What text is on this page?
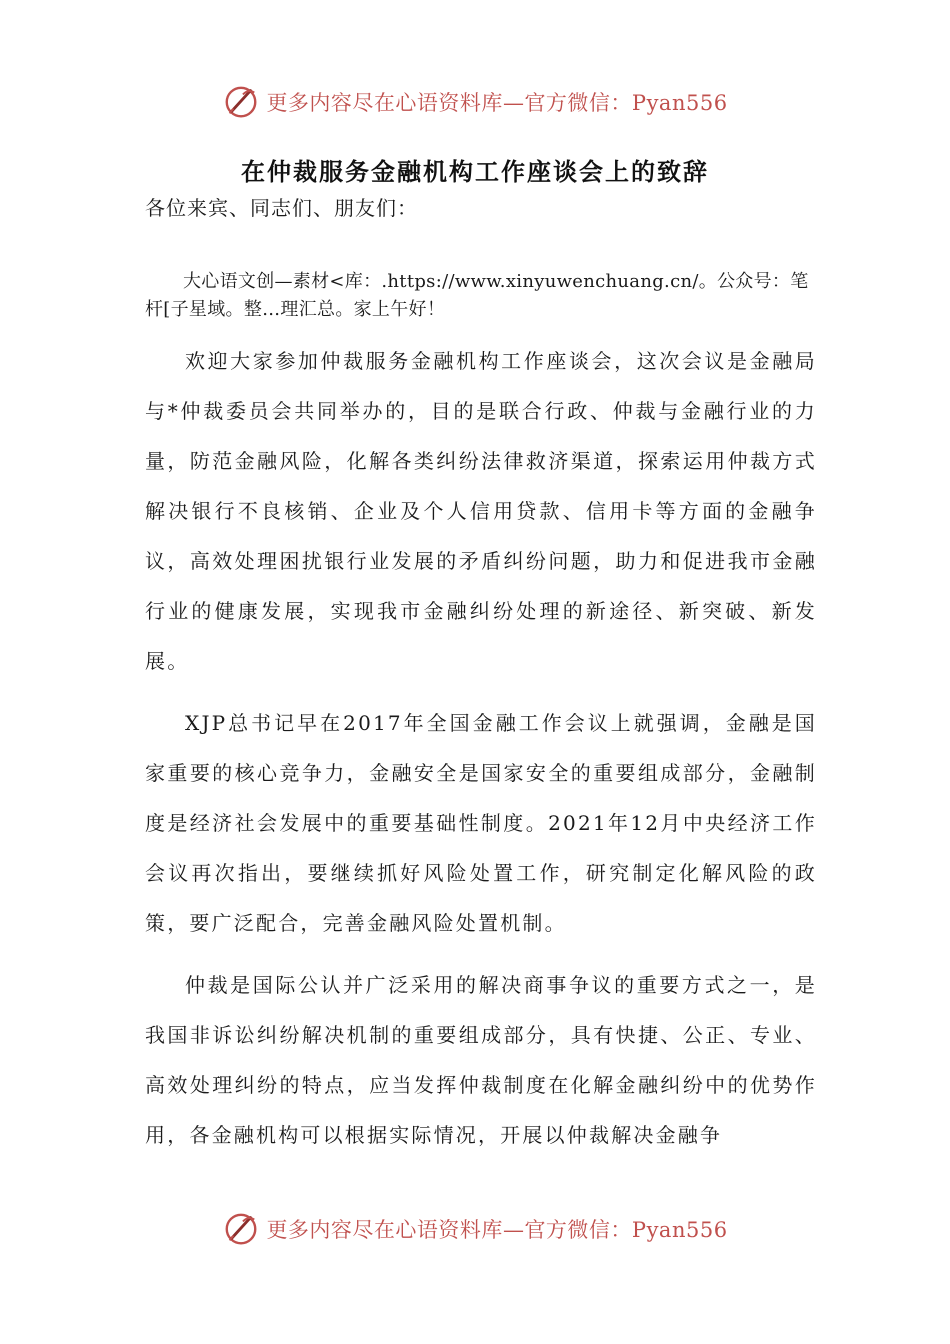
更多内容尽在心语资料库—官方微信：Pyan556
在仲裁服务金融机构工作座谈会上的致辞
各位来宾、同志们、朋友们：
大心语文创—素材<库：.https://www.xinyuwenchuang.cn/。公众号：笔杆[子星域。整…理汇总。家上午好！

欢迎大家参加仲裁服务金融机构工作座谈会，这次会议是金融局与*仲裁委员会共同举办的，目的是联合行政、仲裁与金融行业的力量，防范金融风险，化解各类纠纷法律救济渠道，探索运用仲裁方式解决银行不良核销、企业及个人信用贷款、信用卡等方面的金融争议，高效处理困扰银行业发展的矛盾纠纷问题，助力和促进我市金融行业的健康发展，实现我市金融纠纷处理的新途径、新突破、新发展。

XJP总书记早在2017年全国金融工作会议上就强调，金融是国家重要的核心竞争力，金融安全是国家安全的重要组成部分，金融制度是经济社会发展中的重要基础性制度。2021年12月中央经济工作会议再次指出，要继续抓好风险处置工作，研究制定化解风险的政策，要广泛配合，完善金融风险处置机制。

仲裁是国际公认并广泛采用的解决商事争议的重要方式之一，是我国非诉讼纠纷解决机制的重要组成部分，具有快捷、公正、专业、高效处理纠纷的特点，应当发挥仲裁制度在化解金融纠纷中的优势作用，各金融机构可以根据实际情况，开展以仲裁解决金融争

更多内容尽在心语资料库—官方微信：Pyan556
